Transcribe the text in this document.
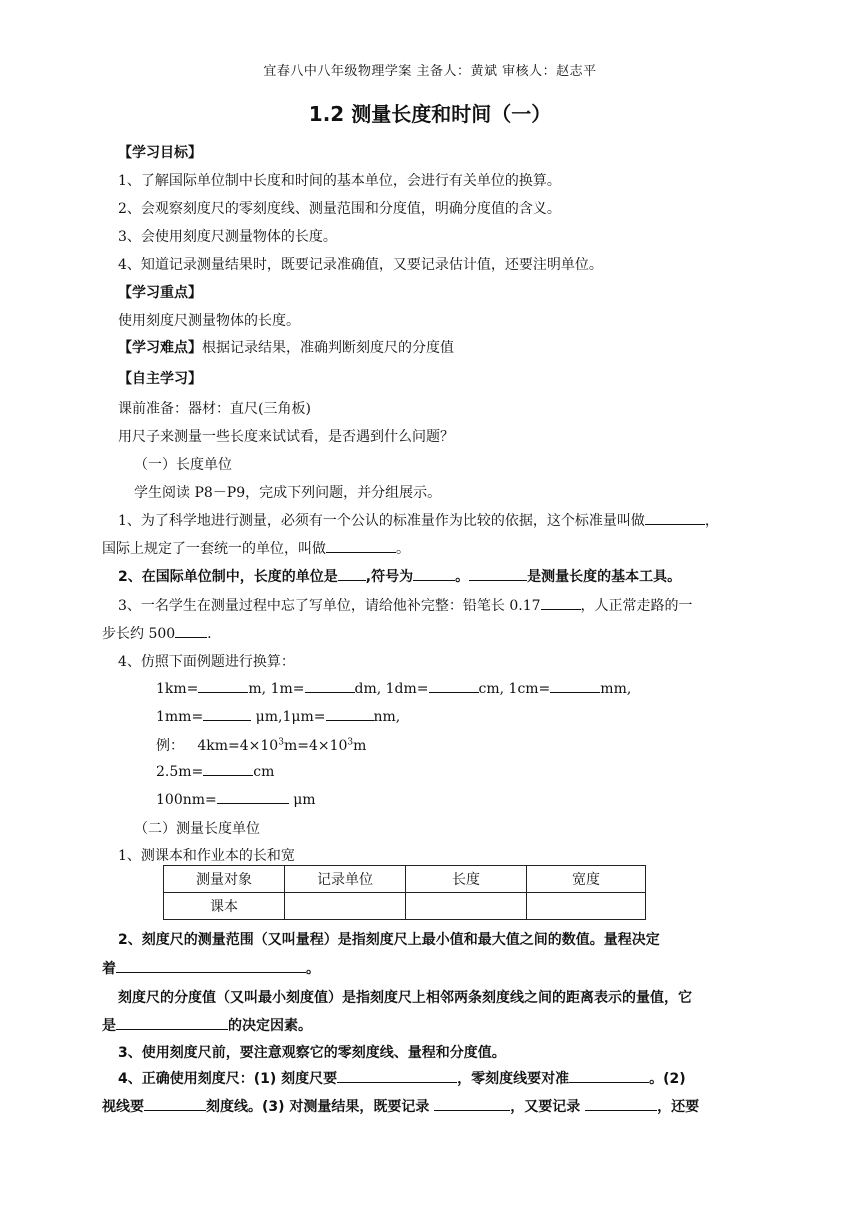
宜春八中八年级物理学案 主备人：黄斌 审核人：赵志平
1.2 测量长度和时间（一）
【学习目标】
1、了解国际单位制中长度和时间的基本单位，会进行有关单位的换算。
2、会观察刻度尺的零刻度线、测量范围和分度值，明确分度值的含义。
3、会使用刻度尺测量物体的长度。
4、知道记录测量结果时，既要记录准确值，又要记录估计值，还要注明单位。
【学习重点】
使用刻度尺测量物体的长度。
【学习难点】根据记录结果，准确判断刻度尺的分度值
【自主学习】
课前准备：器材：直尺(三角板)
用尺子来测量一些长度来试试看，是否遇到什么问题？
（一）长度单位
学生阅读 P8－P9，完成下列问题，并分组展示。
1、为了科学地进行测量，必须有一个公认的标准量作为比较的依据，这个标准量叫做	，
国际上规定了一套统一的单位，叫做	。
2、在国际单位制中，长度的单位是 ,符号为	。	是测量长度的基本工具。
3、一名学生在测量过程中忘了写单位，请给他补完整：铅笔长 0.17	，人正常走路的一
步长约 500 .
4、仿照下面例题进行换算：
1km=	m, 1m=	dm, 1dm=	cm, 1cm=	mm,
1mm=	μm,1μm=	nm,
例： $4km=4\times 10^3m=4\times 10^3m$
2.5m=	cm
100nm=	μm
（二）测量长度单位
1、测课本和作业本的长和宽
测量对象	记录单位	长度	宽度
课本			
2、刻度尺的测量范围（又叫量程）是指刻度尺上最小值和最大值之间的数值。量程决定
着	。
刻度尺的分度值（又叫最小刻度值）是指刻度尺上相邻两条刻度线之间的距离表示的量值，它
是	的决定因素。
3、使用刻度尺前，要注意观察它的零刻度线、量程和分度值。
4、正确使用刻度尺：(1) 刻度尺要	，零刻度线要对准	。(2)
视线要	刻度线。(3) 对测量结果，既要记录	，又要记录	，还要
